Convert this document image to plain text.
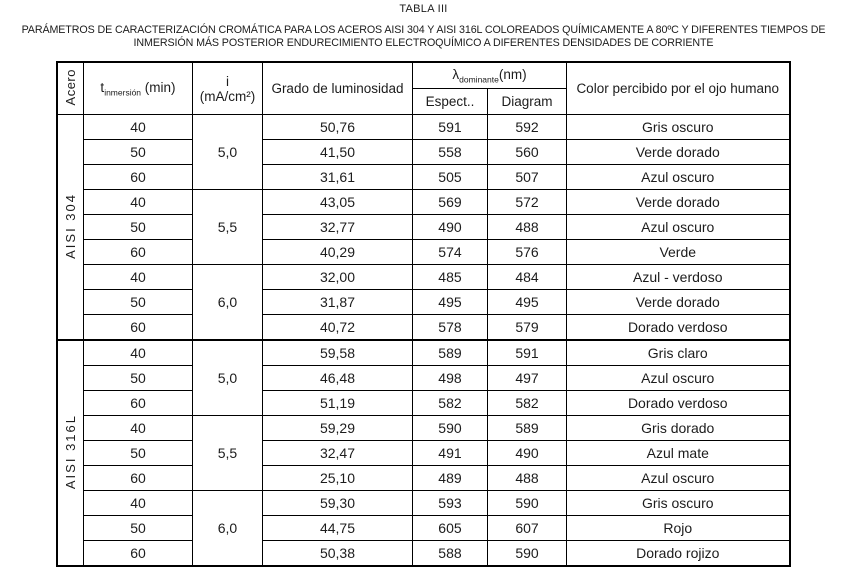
TABLA III
PARÁMETROS DE CARACTERIZACIÓN CROMÁTICA PARA LOS ACEROS AISI 304 Y AISI 316L COLOREADOS QUÍMICAMENTE A 80ºC Y DIFERENTES TIEMPOS DE
INMERSIÓN MÁS POSTERIOR ENDURECIMIENTO ELECTROQUÍMICO A DIFERENTES DENSIDADES DE CORRIENTE
Acero	$t_{inmersión}$ (min)	i
(mA/cm²)	Grado de luminosidad	$\lambda_{dominante}(nm)$		Color percibido por el ojo humano
				Espect..	Diagram	
AISI 304	40	5,0	50,76	591	592	Gris oscuro
	50		41,50	558	560	Verde dorado
	60		31,61	505	507	Azul oscuro
	40	5,5	43,05	569	572	Verde dorado
	50		32,77	490	488	Azul oscuro
	60		40,29	574	576	Verde
	40	6,0	32,00	485	484	Azul - verdoso
	50		31,87	495	495	Verde dorado
	60		40,72	578	579	Dorado verdoso
AISI 316L	40	5,0	59,58	589	591	Gris claro
	50		46,48	498	497	Azul oscuro
	60		51,19	582	582	Dorado verdoso
	40	5,5	59,29	590	589	Gris dorado
	50		32,47	491	490	Azul mate
	60		25,10	489	488	Azul oscuro
	40	6,0	59,30	593	590	Gris oscuro
	50		44,75	605	607	Rojo
	60		50,38	588	590	Dorado rojizo
